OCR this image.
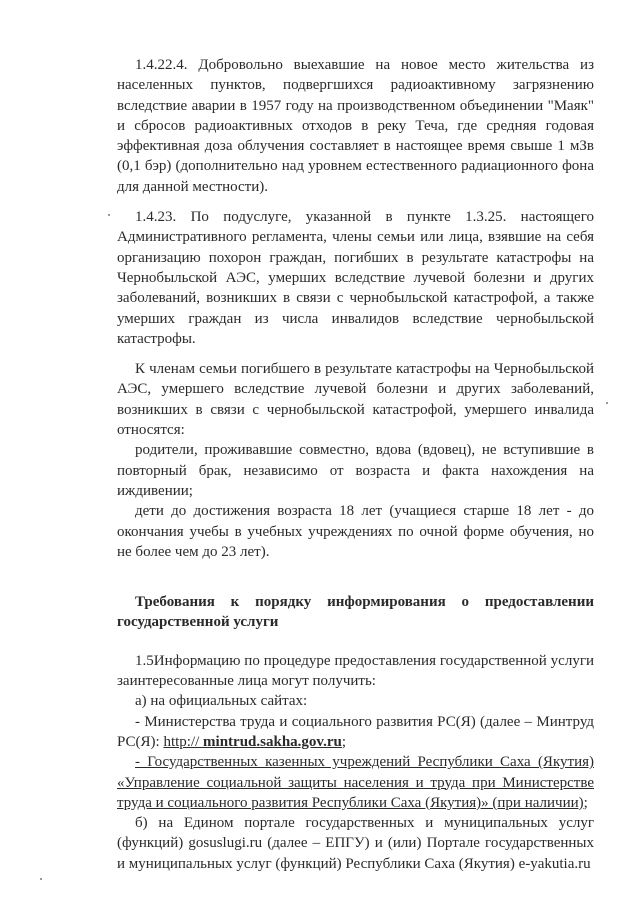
1.4.22.4. Добровольно выехавшие на новое место жительства из населенных пунктов, подвергшихся радиоактивному загрязнению вследствие аварии в 1957 году на производственном объединении "Маяк" и сбросов радиоактивных отходов в реку Теча, где средняя годовая эффективная доза облучения составляет в настоящее время свыше 1 мЗв (0,1 бэр) (дополнительно над уровнем естественного радиационного фона для данной местности).

1.4.23. По подуслуге, указанной в пункте 1.3.25. настоящего Административного регламента, члены семьи или лица, взявшие на себя организацию похорон граждан, погибших в результате катастрофы на Чернобыльской АЭС, умерших вследствие лучевой болезни и других заболеваний, возникших в связи с чернобыльской катастрофой, а также умерших граждан из числа инвалидов вследствие чернобыльской катастрофы.

К членам семьи погибшего в результате катастрофы на Чернобыльской АЭС, умершего вследствие лучевой болезни и других заболеваний, возникших в связи с чернобыльской катастрофой, умершего инвалида относятся:

родители, проживавшие совместно, вдова (вдовец), не вступившие в повторный брак, независимо от возраста и факта нахождения на иждивении;

дети до достижения возраста 18 лет (учащиеся старше 18 лет - до окончания учебы в учебных учреждениях по очной форме обучения, но не более чем до 23 лет).

Требования к порядку информирования о предоставлении государственной услуги

1.5Информацию по процедуре предоставления государственной услуги заинтересованные лица могут получить:

а) на официальных сайтах:

- Министерства труда и социального развития РС(Я) (далее – Минтруд РС(Я): http:// mintrud.sakha.gov.ru;

- Государственных казенных учреждений Республики Саха (Якутия) «Управление социальной защиты населения и труда при Министерстве труда и социального развития Республики Саха (Якутия)» (при наличии);

б) на Едином портале государственных и муниципальных услуг (функций) gosuslugi.ru (далее – ЕПГУ) и (или) Портале государственных и муниципальных услуг (функций) Республики Саха (Якутия) e-yakutia.ru
